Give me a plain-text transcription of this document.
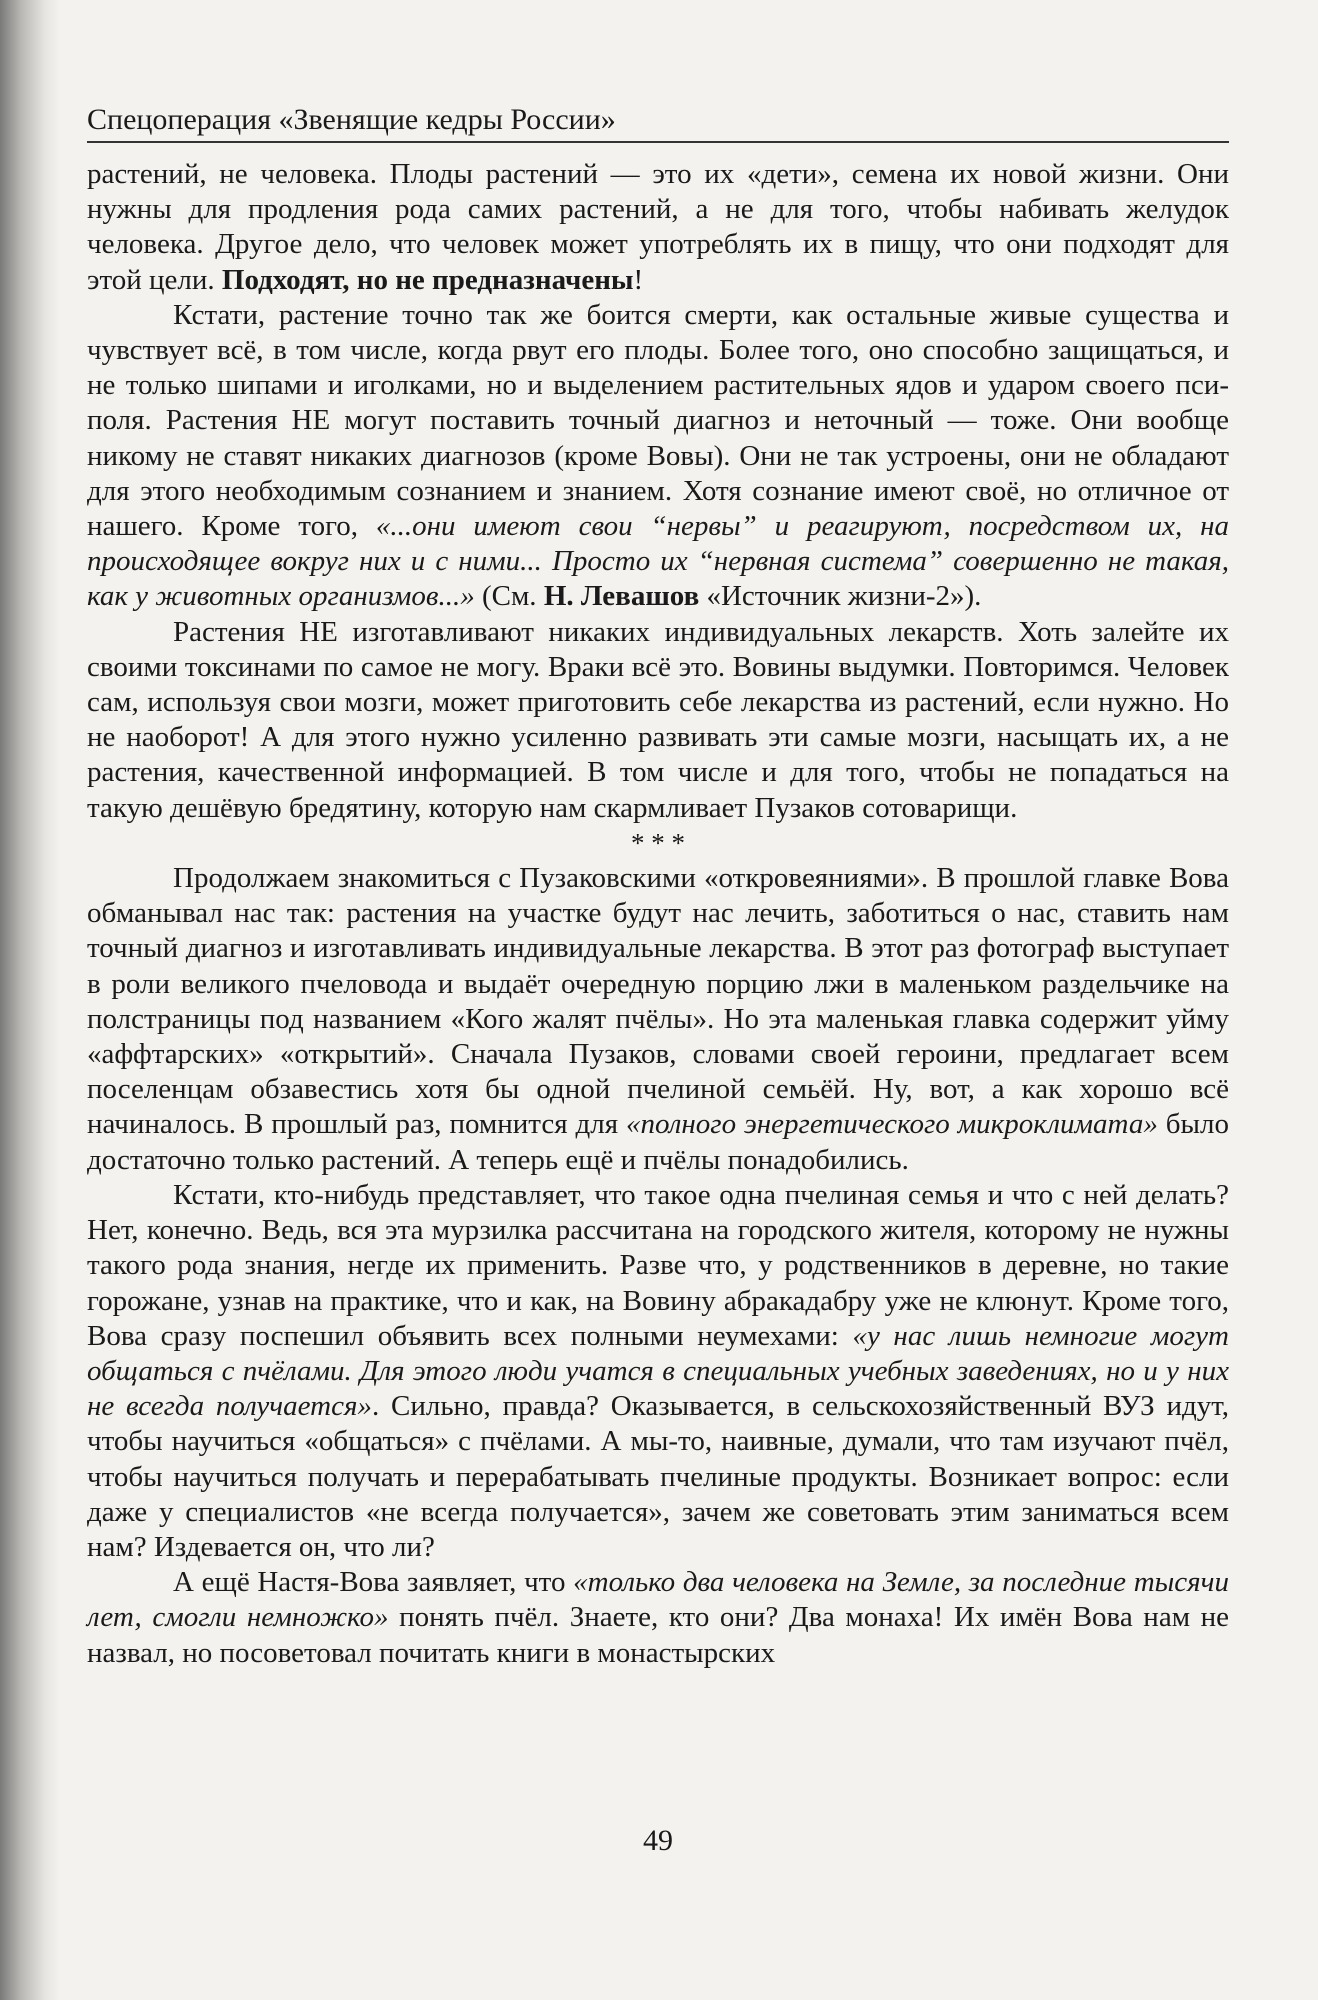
Спецоперация «Звенящие кедры России»

растений, не человека. Плоды растений — это их «дети», семена их новой жизни. Они нужны для продления рода самих растений, а не для того, чтобы набивать желудок человека. Другое дело, что человек может употреблять их в пищу, что они подходят для этой цели. Подходят, но не предназначены!

Кстати, растение точно так же боится смерти, как остальные живые существа и чувствует всё, в том числе, когда рвут его плоды. Более того, оно способно защищаться, и не только шипами и иголками, но и выделением растительных ядов и ударом своего пси-поля. Растения НЕ могут поставить точный диагноз и неточный — тоже. Они вообще никому не ставят никаких диагнозов (кроме Вовы). Они не так устроены, они не обладают для этого необходимым сознанием и знанием. Хотя сознание имеют своё, но отличное от нашего. Кроме того, «...они имеют свои “нервы” и реагируют, посредством их, на происходящее вокруг них и с ними... Просто их “нервная система” совершенно не такая, как у животных организмов...» (См. Н. Левашов «Источник жизни-2»).

Растения НЕ изготавливают никаких индивидуальных лекарств. Хоть залейте их своими токсинами по самое не могу. Враки всё это. Вовины выдумки. Повторимся. Человек сам, используя свои мозги, может приготовить себе лекарства из растений, если нужно. Но не наоборот! А для этого нужно усиленно развивать эти самые мозги, насыщать их, а не растения, качественной информацией. В том числе и для того, чтобы не попадаться на такую дешёвую бредятину, которую нам скармливает Пузаков сотоварищи.

* * *

Продолжаем знакомиться с Пузаковскими «откровеяниями». В прошлой главке Вова обманывал нас так: растения на участке будут нас лечить, заботиться о нас, ставить нам точный диагноз и изготавливать индивидуальные лекарства. В этот раз фотограф выступает в роли великого пчеловода и выдаёт очередную порцию лжи в маленьком раздельчике на полстраницы под названием «Кого жалят пчёлы». Но эта маленькая главка содержит уйму «аффтарских» «открытий». Сначала Пузаков, словами своей героини, предлагает всем поселенцам обзавестись хотя бы одной пчелиной семьёй. Ну, вот, а как хорошо всё начиналось. В прошлый раз, помнится для «полного энергетического микроклимата» было достаточно только растений. А теперь ещё и пчёлы понадобились.

Кстати, кто-нибудь представляет, что такое одна пчелиная семья и что с ней делать? Нет, конечно. Ведь, вся эта мурзилка рассчитана на городского жителя, которому не нужны такого рода знания, негде их применить. Разве что, у родственников в деревне, но такие горожане, узнав на практике, что и как, на Вовину абракадабру уже не клюнут. Кроме того, Вова сразу поспешил объявить всех полными неумехами: «у нас лишь немногие могут общаться с пчёлами. Для этого люди учатся в специальных учебных заведениях, но и у них не всегда получается». Сильно, правда? Оказывается, в сельскохозяйственный ВУЗ идут, чтобы научиться «общаться» с пчёлами. А мы-то, наивные, думали, что там изучают пчёл, чтобы научиться получать и перерабатывать пчелиные продукты. Возникает вопрос: если даже у специалистов «не всегда получается», зачем же советовать этим заниматься всем нам? Издевается он, что ли?

А ещё Настя-Вова заявляет, что «только два человека на Земле, за последние тысячи лет, смогли немножко» понять пчёл. Знаете, кто они? Два монаха! Их имён Вова нам не назвал, но посоветовал почитать книги в монастырских

49
